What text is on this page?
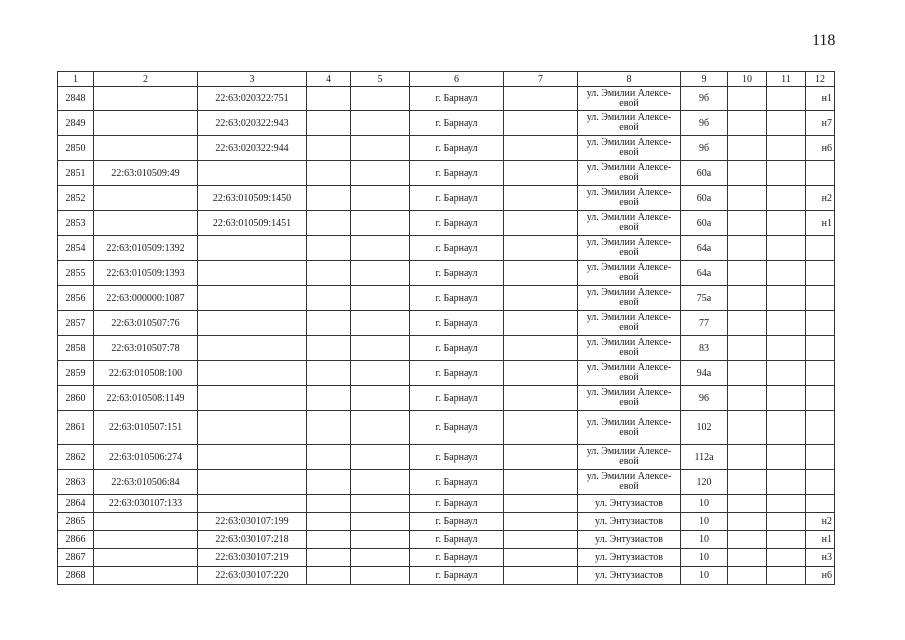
118
1	2	3	4	5	6	7	8	9	10	11	12
2848		22:63:020322:751			г. Барнаул		ул. Эмилии Алексе-евой	9б			н1
2849		22:63:020322:943			г. Барнаул		ул. Эмилии Алексе-евой	9б			н7
2850		22:63:020322:944			г. Барнаул		ул. Эмилии Алексе-евой	9б			н6
2851	22:63:010509:49				г. Барнаул		ул. Эмилии Алексе-евой	60а			
2852		22:63:010509:1450			г. Барнаул		ул. Эмилии Алексе-евой	60а			н2
2853		22:63:010509:1451			г. Барнаул		ул. Эмилии Алексе-евой	60а			н1
2854	22:63:010509:1392				г. Барнаул		ул. Эмилии Алексе-евой	64а			
2855	22:63:010509:1393				г. Барнаул		ул. Эмилии Алексе-евой	64а			
2856	22:63:000000:1087				г. Барнаул		ул. Эмилии Алексе-евой	75а			
2857	22:63:010507:76				г. Барнаул		ул. Эмилии Алексе-евой	77			
2858	22:63:010507:78				г. Барнаул		ул. Эмилии Алексе-евой	83			
2859	22:63:010508:100				г. Барнаул		ул. Эмилии Алексе-евой	94а			
2860	22:63:010508:1149				г. Барнаул		ул. Эмилии Алексе-евой	96			
2861	22:63:010507:151				г. Барнаул		ул. Эмилии Алексе-евой	102			
2862	22:63:010506:274				г. Барнаул		ул. Эмилии Алексе-евой	112а			
2863	22:63:010506:84				г. Барнаул		ул. Эмилии Алексе-евой	120			
2864	22:63:030107:133				г. Барнаул		ул. Энтузиастов	10			
2865		22:63:030107:199			г. Барнаул		ул. Энтузиастов	10			н2
2866		22:63:030107:218			г. Барнаул		ул. Энтузиастов	10			н1
2867		22:63:030107:219			г. Барнаул		ул. Энтузиастов	10			н3
2868		22:63:030107:220			г. Барнаул		ул. Энтузиастов	10			н6
